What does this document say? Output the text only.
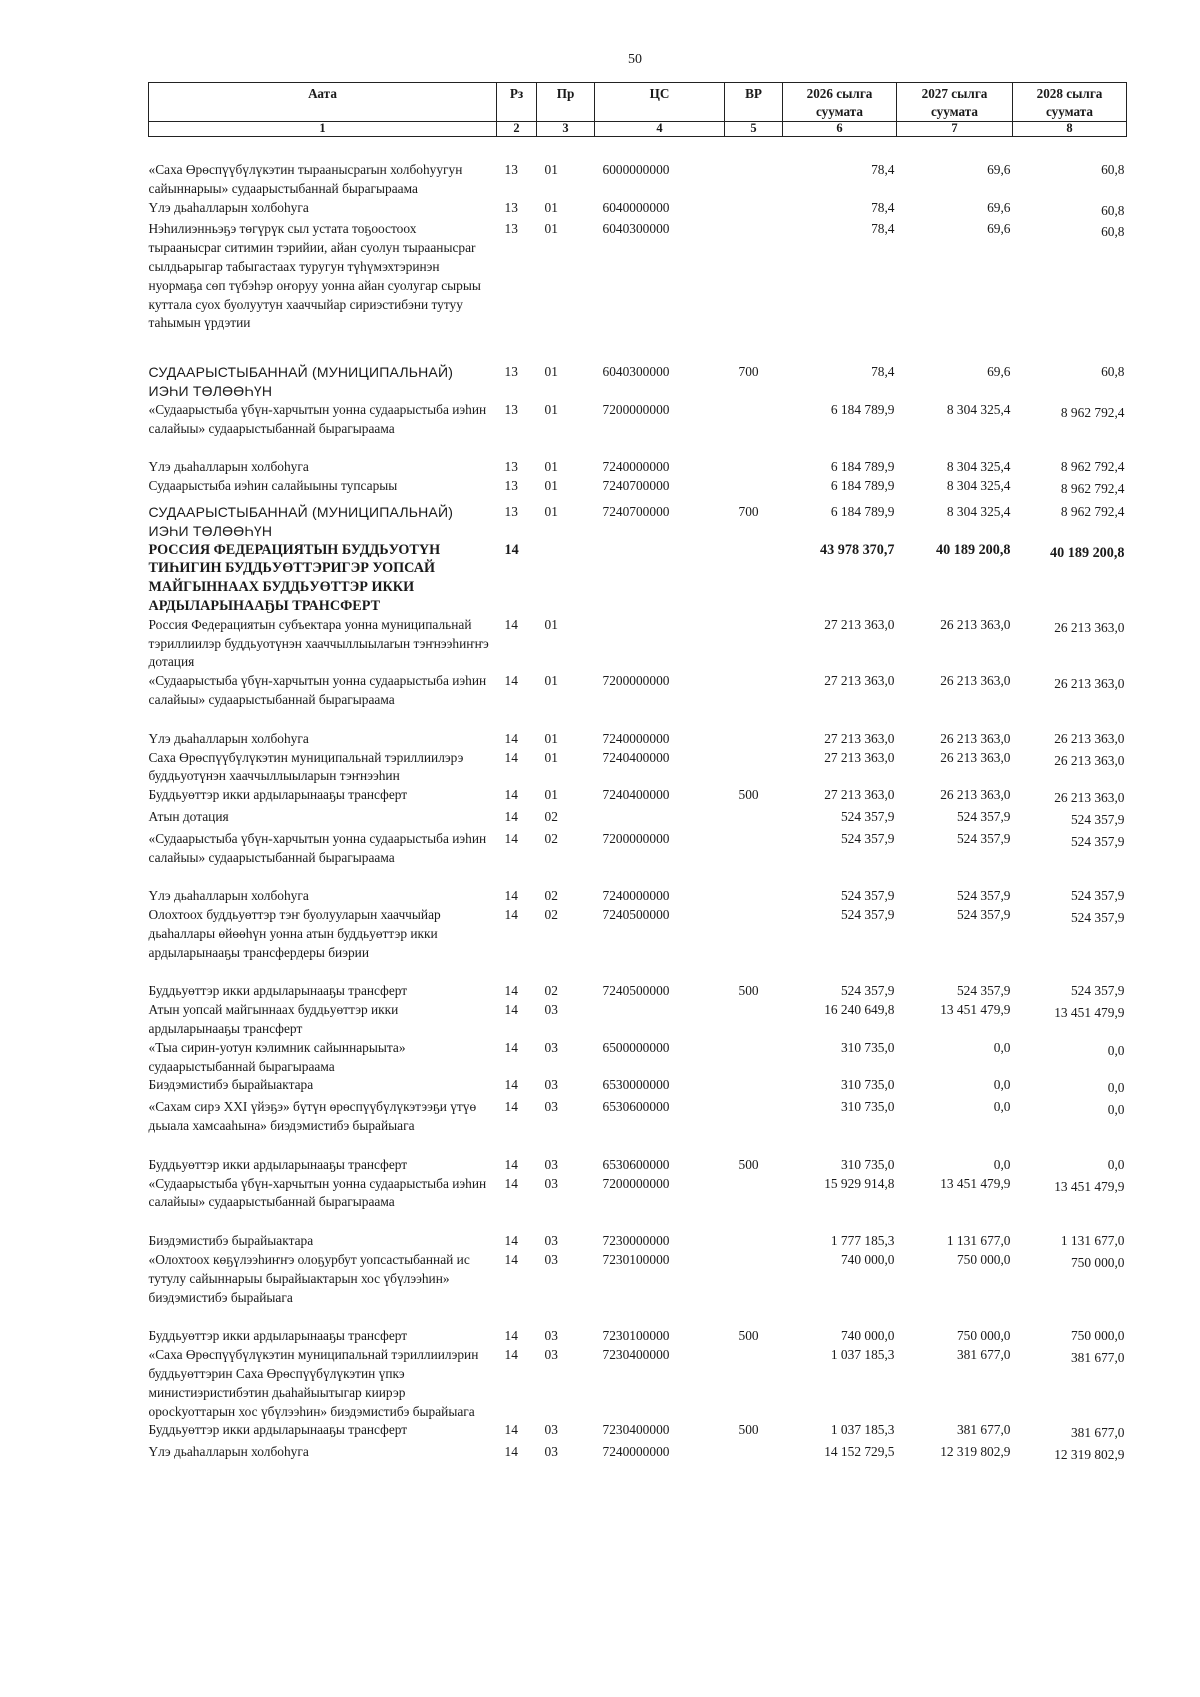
50
Аата	Рз	Пр	ЦС	ВР	2026 сылга суумата	2027 сылга суумата	2028 сылга суумата
1	2	3	4	5	6	7	8
«Саха Өрөспүүбүлүкэтин тыраанысparын холбоһуугун сайыннарыы» судаарыстыбаннай бырагыраама	13	01	6000000000		78,4	69,6	60,8
Үлэ дьаһалларын холбоһуга	13	01	6040000000		78,4	69,6	60,8
Нэһилиэнньэҕэ төгүрүк сыл устата тоҕоостоох тыраанысpar ситимин тэрийии, айан суолун тыраанысpar сылдьарыгар табыгастаах туругун түһүмэхтэринэн нуормаҕа сөп түбэһэр оҥоруу уонна айан суолугар сырыы куттала суох буолуутун хааччыйар сириэстибэни тутуу таһымын үрдэтии	13	01	6040300000		78,4	69,6	60,8
СУДААРЫСТЫБАННАЙ (МУНИЦИПАЛЬНАЙ) ИЭҺИ ТӨЛӨӨҺҮН	13	01	6040300000	700	78,4	69,6	60,8
«Судаарыстыба үбүн-харчытын уонна судаарыстыба иэһин салайыы» судаарыстыбаннай бырагыраама	13	01	7200000000		6 184 789,9	8 304 325,4	8 962 792,4
Үлэ дьаһалларын холбоһуга	13	01	7240000000		6 184 789,9	8 304 325,4	8 962 792,4
Судаарыстыба иэһин салайыыны тупсарыы	13	01	7240700000		6 184 789,9	8 304 325,4	8 962 792,4
СУДААРЫСТЫБАННАЙ (МУНИЦИПАЛЬНАЙ) ИЭҺИ ТӨЛӨӨҺҮН	13	01	7240700000	700	6 184 789,9	8 304 325,4	8 962 792,4
РОССИЯ ФЕДЕРАЦИЯТЫН БУДДЬУОТҮН ТИҺИГИН БУДДЬУӨТТЭРИГЭР УОПСАЙ МАЙГЫННААХ БУДДЬУӨТТЭР ИККИ АРДЫЛАРЫНААҔЫ ТРАНСФЕРТ	14				43 978 370,7	40 189 200,8	40 189 200,8
Россия Федерациятын субъектара уонна муниципальнай тэриллиилэр буддьуотүнэн хааччыллыылarын тэҥнээһиҥҥэ дотация	14	01			27 213 363,0	26 213 363,0	26 213 363,0
«Судаарыстыба үбүн-харчытын уонна судаарыстыба иэһин салайыы» судаарыстыбаннай бырагыраама	14	01	7200000000		27 213 363,0	26 213 363,0	26 213 363,0
Үлэ дьаһалларын холбоһуга	14	01	7240000000		27 213 363,0	26 213 363,0	26 213 363,0
Саха Өрөспүүбүлүкэтин муниципальнай тэриллиилэрэ буддьуотүнэн хааччыллыыларын тэҥнээһин	14	01	7240400000		27 213 363,0	26 213 363,0	26 213 363,0
Буддьуөттэр икки ардыларынааҕы трансферт	14	01	7240400000	500	27 213 363,0	26 213 363,0	26 213 363,0
Атын дотация	14	02			524 357,9	524 357,9	524 357,9
«Судаарыстыба үбүн-харчытын уонна судаарыстыба иэһин салайыы» судаарыстыбаннай бырагыраама	14	02	7200000000		524 357,9	524 357,9	524 357,9
Үлэ дьаһалларын холбоһуга	14	02	7240000000		524 357,9	524 357,9	524 357,9
Олохтоох буддьуөттэр тэҥ буолууларын хааччыйар дьаһаллары өйөөһүн уонна атын буддьуөттэр икки ардыларынааҕы трансфердеры биэрии	14	02	7240500000		524 357,9	524 357,9	524 357,9
Буддьуөттэр икки ардыларынааҕы трансферт	14	02	7240500000	500	524 357,9	524 357,9	524 357,9
Атын уопсай майгыннаах буддьуөттэр икки ардыларынааҕы трансферт	14	03			16 240 649,8	13 451 479,9	13 451 479,9
«Тыа сирин-уотун кэлимник сайыннарыыта» судаарыстыбаннай бырагыраама	14	03	6500000000		310 735,0	0,0	0,0
Биэдэмистибэ бырайыактара	14	03	6530000000		310 735,0	0,0	0,0
«Сахам сирэ ХХI үйэҕэ» бүтүн өрөспүүбүлүкэтээҕи үтүө дьыала хамсааһына» биэдэмистибэ бырайыага	14	03	6530600000		310 735,0	0,0	0,0
Буддьуөттэр икки ардыларынааҕы трансферт	14	03	6530600000	500	310 735,0	0,0	0,0
«Судаарыстыба үбүн-харчытын уонна судаарыстыба иэһин салайыы» судаарыстыбаннай бырагыраама	14	03	7200000000		15 929 914,8	13 451 479,9	13 451 479,9
Биэдэмистибэ бырайыактара	14	03	7230000000		1 777 185,3	1 131 677,0	1 131 677,0
«Олохтоох көҕүлээһиҥҥэ олоҕурбут уопсастыбаннай ис тутулу сайыннарыы бырайыактарын хос үбүлээһин» биэдэмистибэ бырайыага	14	03	7230100000		740 000,0	750 000,0	750 000,0
Буддьуөттэр икки ардыларынааҕы трансферт	14	03	7230100000	500	740 000,0	750 000,0	750 000,0
«Саха Өрөспүүбүлүкэтин муниципальнай тэриллиилэрин буддьуөттэрин Саха Өрөспүүбүлүкэтин үпкэ министиэристибэтин дьаһайыытыгар киирэр оросkуоттарын хос үбүлээһин» биэдэмистибэ бырайыага	14	03	7230400000		1 037 185,3	381 677,0	381 677,0
Буддьуөттэр икки ардыларынааҕы трансферт	14	03	7230400000	500	1 037 185,3	381 677,0	381 677,0
Үлэ дьаһалларын холбоһуга	14	03	7240000000		14 152 729,5	12 319 802,9	12 319 802,9
